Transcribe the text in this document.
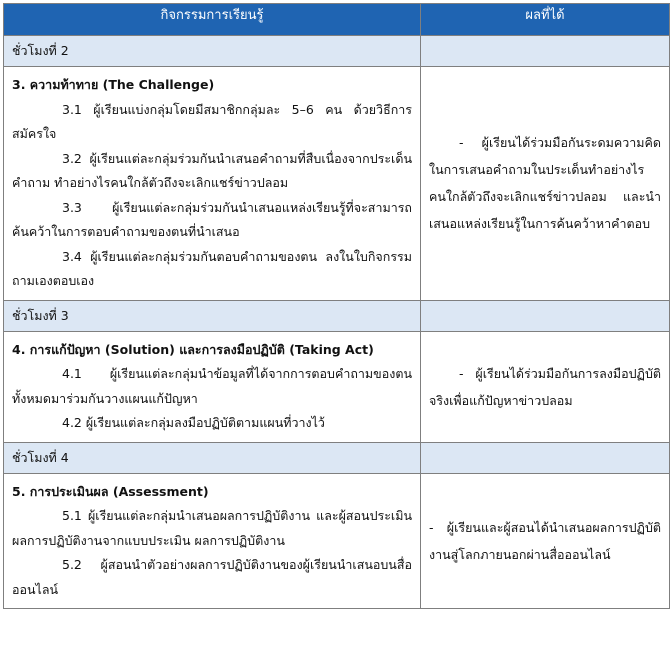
กิจกรรมการเรียนรู้	ผลที่ได้

ชั่วโมงที่ 2	

3. ความท้าทาย (The Challenge)
3.1 ผู้เรียนแบ่งกลุ่มโดยมีสมาชิกกลุ่มละ 5–6 คน ด้วยวิธีการสมัครใจ
3.2 ผู้เรียนแต่ละกลุ่มร่วมกันนำเสนอคำถามที่สืบเนื่องจากประเด็นคำถาม ทำอย่างไรคนใกล้ตัวถึงจะเลิกแชร์ข่าวปลอม
3.3 ผู้เรียนแต่ละกลุ่มร่วมกันนำเสนอแหล่งเรียนรู้ที่จะสามารถค้นคว้าในการตอบคำถามของตนที่นำเสนอ
3.4 ผู้เรียนแต่ละกลุ่มร่วมกันตอบคำถามของตน ลงในใบกิจกรรม ถามเองตอบเอง	- ผู้เรียนได้ร่วมมือกันระดมความคิดในการเสนอคำถามในประเด็นทำอย่างไรคนใกล้ตัวถึงจะเลิกแชร์ข่าวปลอม และนำเสนอแหล่งเรียนรู้ในการค้นคว้าหาคำตอบ

ชั่วโมงที่ 3	

4. การแก้ปัญหา (Solution) และการลงมือปฏิบัติ (Taking Act)
4.1 ผู้เรียนแต่ละกลุ่มนำข้อมูลที่ได้จากการตอบคำถามของตนทั้งหมดมาร่วมกันวางแผนแก้ปัญหา
4.2 ผู้เรียนแต่ละกลุ่มลงมือปฏิบัติตามแผนที่วางไว้	- ผู้เรียนได้ร่วมมือกันการลงมือปฏิบัติจริงเพื่อแก้ปัญหาข่าวปลอม

ชั่วโมงที่ 4	

5. การประเมินผล (Assessment)
5.1 ผู้เรียนแต่ละกลุ่มนำเสนอผลการปฏิบัติงาน และผู้สอนประเมินผลการปฏิบัติงานจากแบบประเมิน ผลการปฏิบัติงาน
5.2 ผู้สอนนำตัวอย่างผลการปฏิบัติงานของผู้เรียนนำเสนอบนสื่อออนไลน์	- ผู้เรียนและผู้สอนได้นำเสนอผลการปฏิบัติงานสู่โลกภายนอกผ่านสื่อออนไลน์
